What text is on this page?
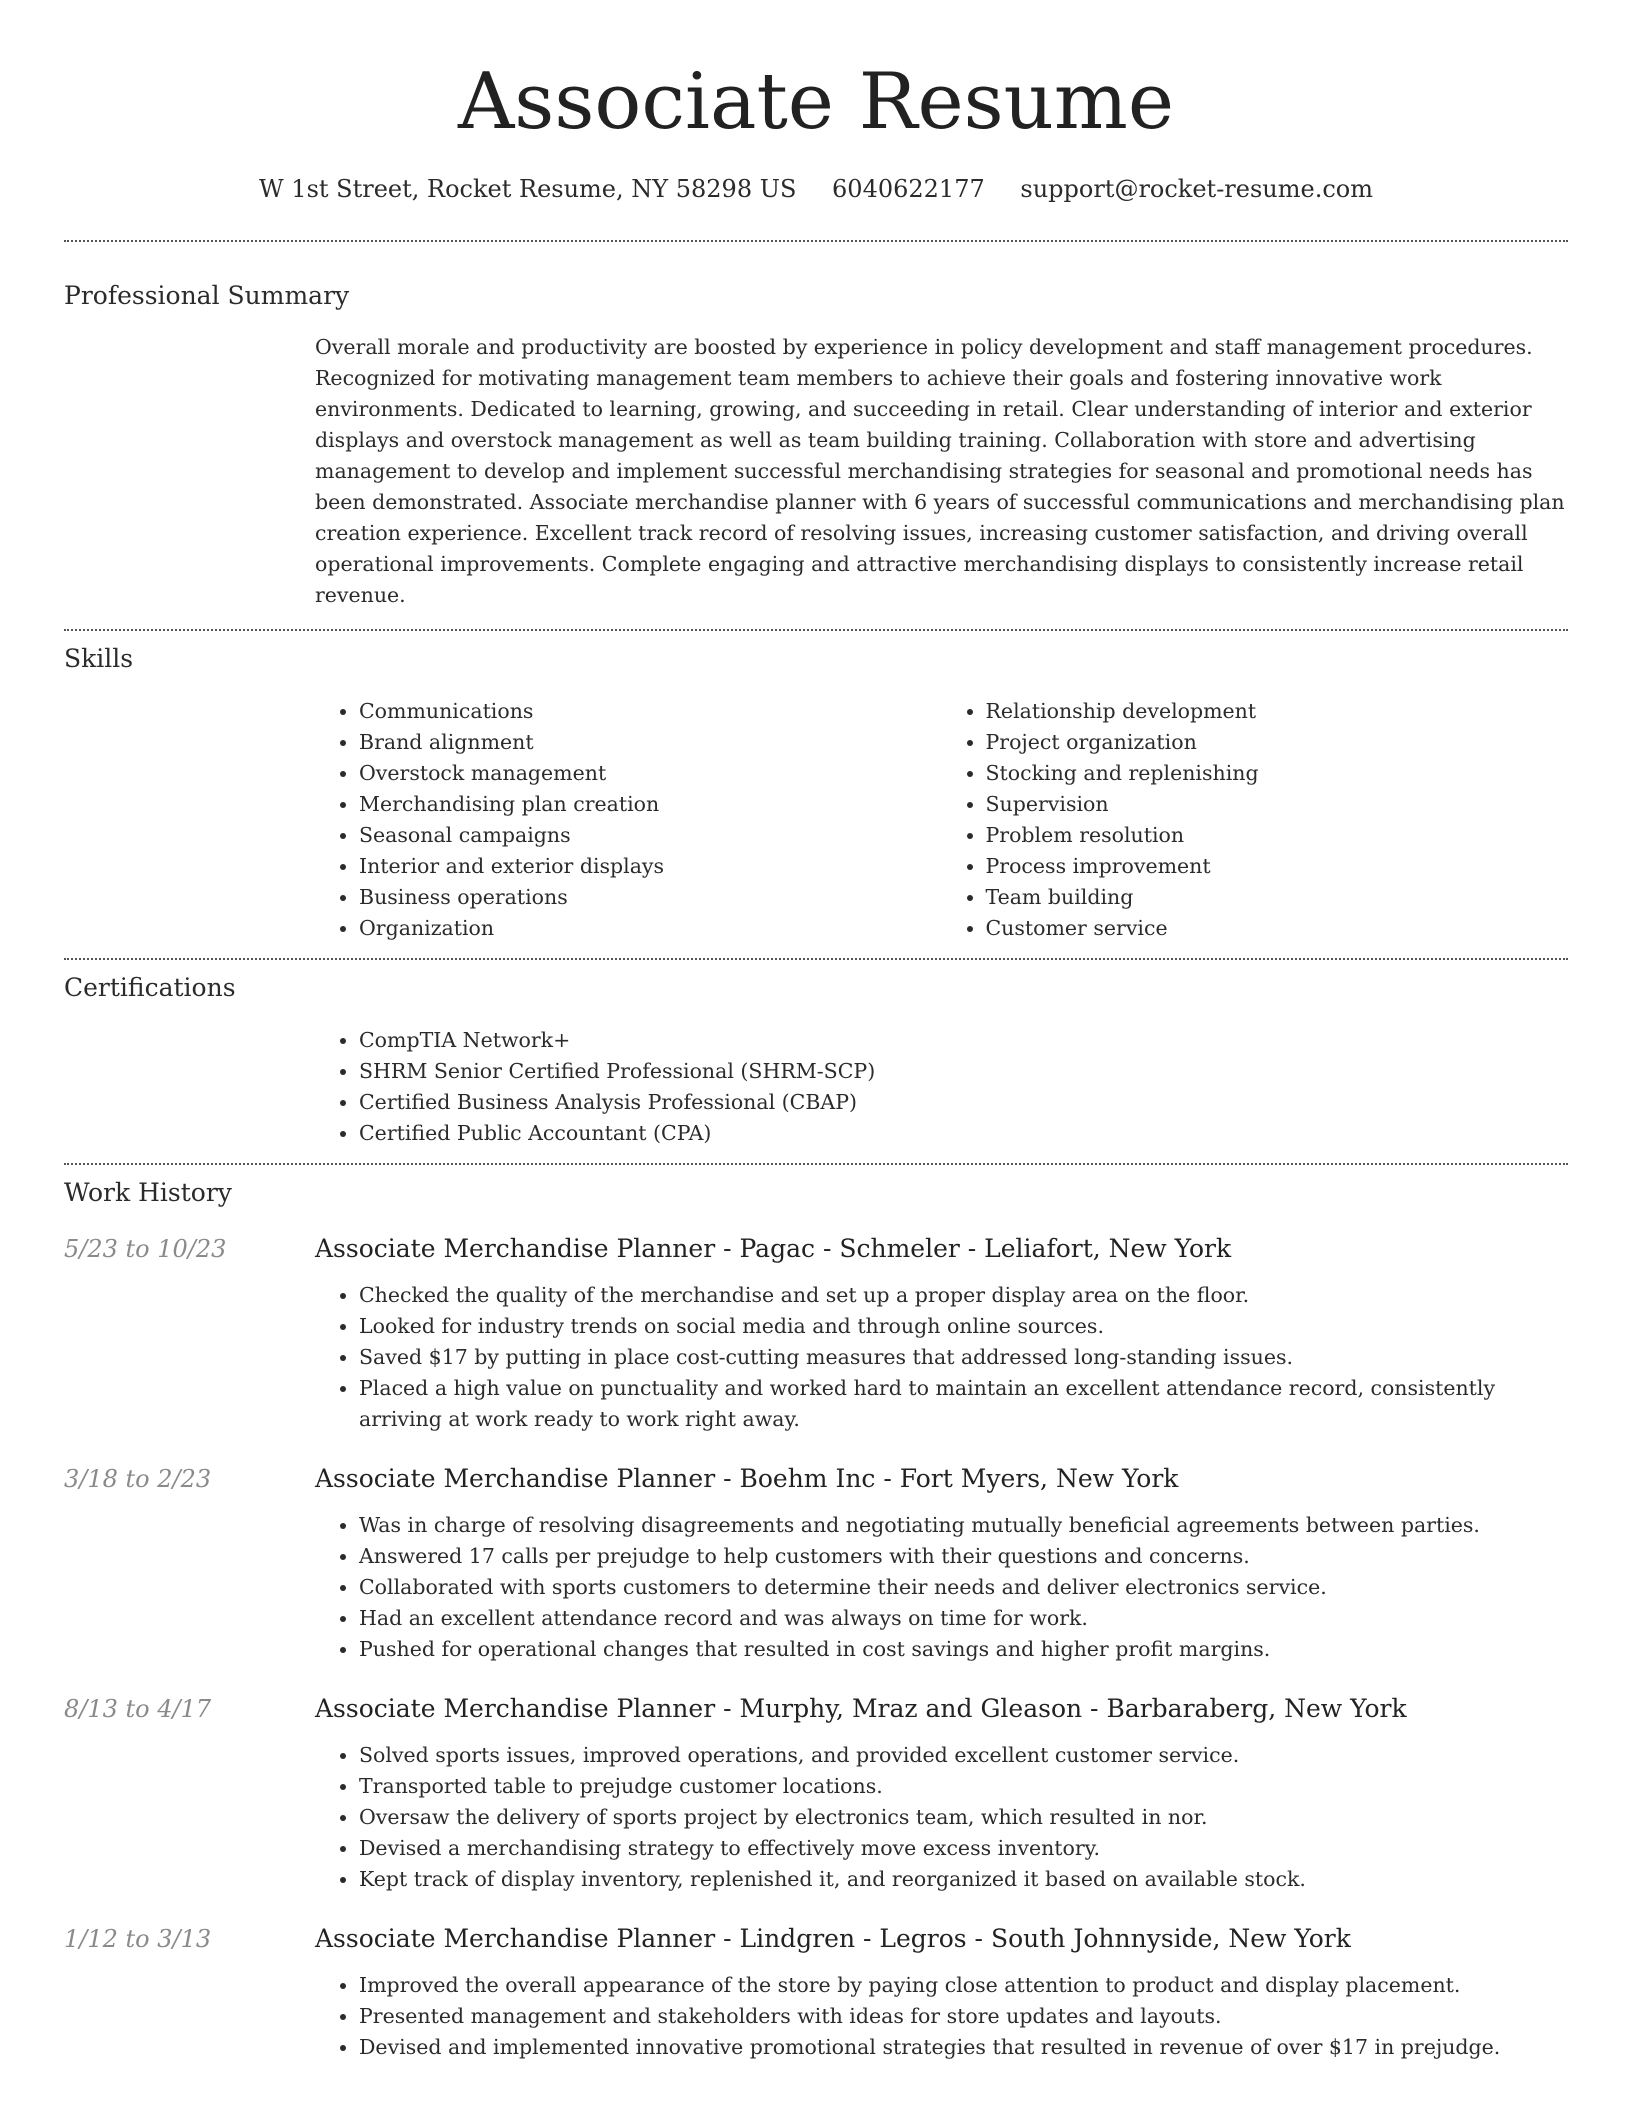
Associate Resume
W 1st Street, Rocket Resume, NY 58298 US 6040622177 support@rocket-resume.com
Professional Summary

Overall morale and productivity are boosted by experience in policy development and staff management procedures. Recognized for motivating management team members to achieve their goals and fostering innovative work environments. Dedicated to learning, growing, and succeeding in retail. Clear understanding of interior and exterior displays and overstock management as well as team building training. Collaboration with store and advertising management to develop and implement successful merchandising strategies for seasonal and promotional needs has been demonstrated. Associate merchandise planner with 6 years of successful communications and merchandising plan creation experience. Excellent track record of resolving issues, increasing customer satisfaction, and driving overall operational improvements. Complete engaging and attractive merchandising displays to consistently increase retail revenue.

Skills
• Communications
• Brand alignment
• Overstock management
• Merchandising plan creation
• Seasonal campaigns
• Interior and exterior displays
• Business operations
• Organization
• Relationship development
• Project organization
• Stocking and replenishing
• Supervision
• Problem resolution
• Process improvement
• Team building
• Customer service
Certifications
• CompTIA Network+
• SHRM Senior Certified Professional (SHRM-SCP)
• Certified Business Analysis Professional (CBAP)
• Certified Public Accountant (CPA)
Work History
5/23 to 10/23	Associate Merchandise Planner - Pagac - Schmeler - Leliafort, New York
• Checked the quality of the merchandise and set up a proper display area on the floor.
• Looked for industry trends on social media and through online sources.
• Saved $17 by putting in place cost-cutting measures that addressed long-standing issues.
• Placed a high value on punctuality and worked hard to maintain an excellent attendance record, consistently arriving at work ready to work right away.
3/18 to 2/23	Associate Merchandise Planner - Boehm Inc - Fort Myers, New York
• Was in charge of resolving disagreements and negotiating mutually beneficial agreements between parties.
• Answered 17 calls per prejudge to help customers with their questions and concerns.
• Collaborated with sports customers to determine their needs and deliver electronics service.
• Had an excellent attendance record and was always on time for work.
• Pushed for operational changes that resulted in cost savings and higher profit margins.
8/13 to 4/17	Associate Merchandise Planner - Murphy, Mraz and Gleason - Barbaraberg, New York
• Solved sports issues, improved operations, and provided excellent customer service.
• Transported table to prejudge customer locations.
• Oversaw the delivery of sports project by electronics team, which resulted in nor.
• Devised a merchandising strategy to effectively move excess inventory.
• Kept track of display inventory, replenished it, and reorganized it based on available stock.
1/12 to 3/13	Associate Merchandise Planner - Lindgren - Legros - South Johnnyside, New York
• Improved the overall appearance of the store by paying close attention to product and display placement.
• Presented management and stakeholders with ideas for store updates and layouts.
• Devised and implemented innovative promotional strategies that resulted in revenue of over $17 in prejudge.
